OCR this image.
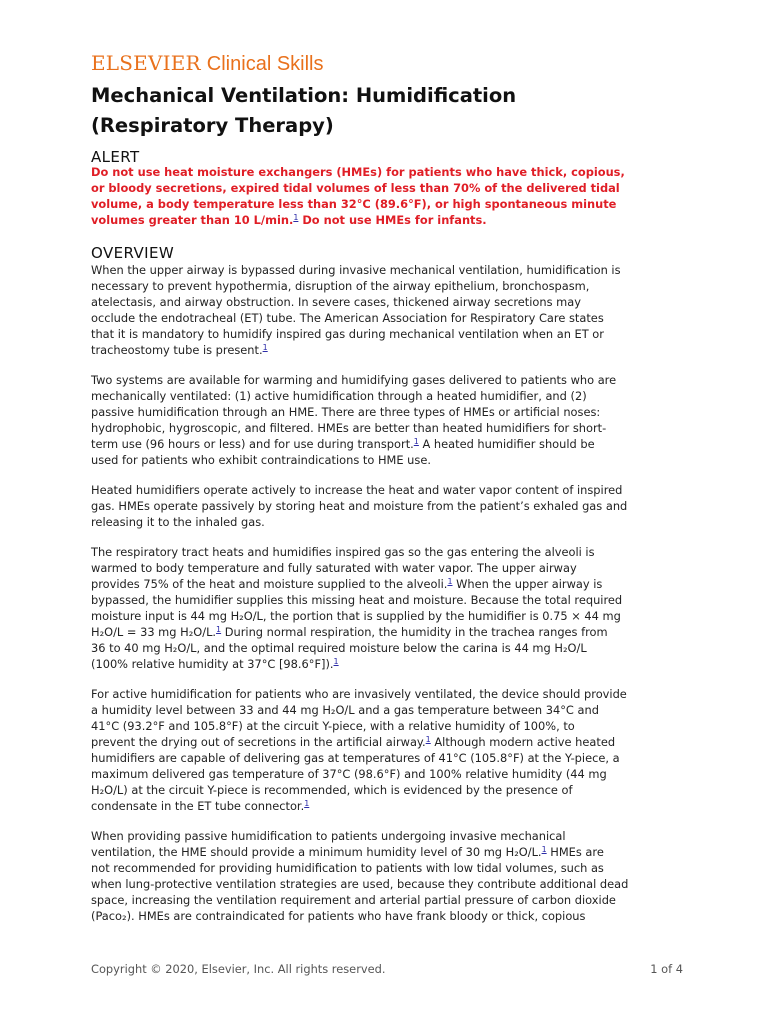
ELSEVIER Clinical Skills
Mechanical Ventilation: Humidification
(Respiratory Therapy)
ALERT
Do not use heat moisture exchangers (HMEs) for patients who have thick, copious,
or bloody secretions, expired tidal volumes of less than 70% of the delivered tidal
volume, a body temperature less than 32°C (89.6°F), or high spontaneous minute
volumes greater than 10 L/min.$^1$ Do not use HMEs for infants.
OVERVIEW
When the upper airway is bypassed during invasive mechanical ventilation, humidification is
necessary to prevent hypothermia, disruption of the airway epithelium, bronchospasm,
atelectasis, and airway obstruction. In severe cases, thickened airway secretions may
occlude the endotracheal (ET) tube. The American Association for Respiratory Care states
that it is mandatory to humidify inspired gas during mechanical ventilation when an ET or
tracheostomy tube is present.$^1$
Two systems are available for warming and humidifying gases delivered to patients who are
mechanically ventilated: (1) active humidification through a heated humidifier, and (2)
passive humidification through an HME. There are three types of HMEs or artificial noses:
hydrophobic, hygroscopic, and filtered. HMEs are better than heated humidifiers for short-
term use (96 hours or less) and for use during transport.$^1$ A heated humidifier should be
used for patients who exhibit contraindications to HME use.
Heated humidifiers operate actively to increase the heat and water vapor content of inspired
gas. HMEs operate passively by storing heat and moisture from the patient’s exhaled gas and
releasing it to the inhaled gas.
The respiratory tract heats and humidifies inspired gas so the gas entering the alveoli is
warmed to body temperature and fully saturated with water vapor. The upper airway
provides 75% of the heat and moisture supplied to the alveoli.$^1$ When the upper airway is
bypassed, the humidifier supplies this missing heat and moisture. Because the total required
moisture input is 44 mg H₂O/L, the portion that is supplied by the humidifier is 0.75 × 44 mg
H₂O/L = 33 mg H₂O/L.$^1$ During normal respiration, the humidity in the trachea ranges from
36 to 40 mg H₂O/L, and the optimal required moisture below the carina is 44 mg H₂O/L
(100% relative humidity at 37°C [98.6°F]).$^1$
For active humidification for patients who are invasively ventilated, the device should provide
a humidity level between 33 and 44 mg H₂O/L and a gas temperature between 34°C and
41°C (93.2°F and 105.8°F) at the circuit Y-piece, with a relative humidity of 100%, to
prevent the drying out of secretions in the artificial airway.$^1$ Although modern active heated
humidifiers are capable of delivering gas at temperatures of 41°C (105.8°F) at the Y-piece, a
maximum delivered gas temperature of 37°C (98.6°F) and 100% relative humidity (44 mg
H₂O/L) at the circuit Y-piece is recommended, which is evidenced by the presence of
condensate in the ET tube connector.$^1$
When providing passive humidification to patients undergoing invasive mechanical
ventilation, the HME should provide a minimum humidity level of 30 mg H₂O/L.$^1$ HMEs are
not recommended for providing humidification to patients with low tidal volumes, such as
when lung-protective ventilation strategies are used, because they contribute additional dead
space, increasing the ventilation requirement and arterial partial pressure of carbon dioxide
(Paco₂). HMEs are contraindicated for patients who have frank bloody or thick, copious
Copyright © 2020, Elsevier, Inc. All rights reserved.	1 of 4
